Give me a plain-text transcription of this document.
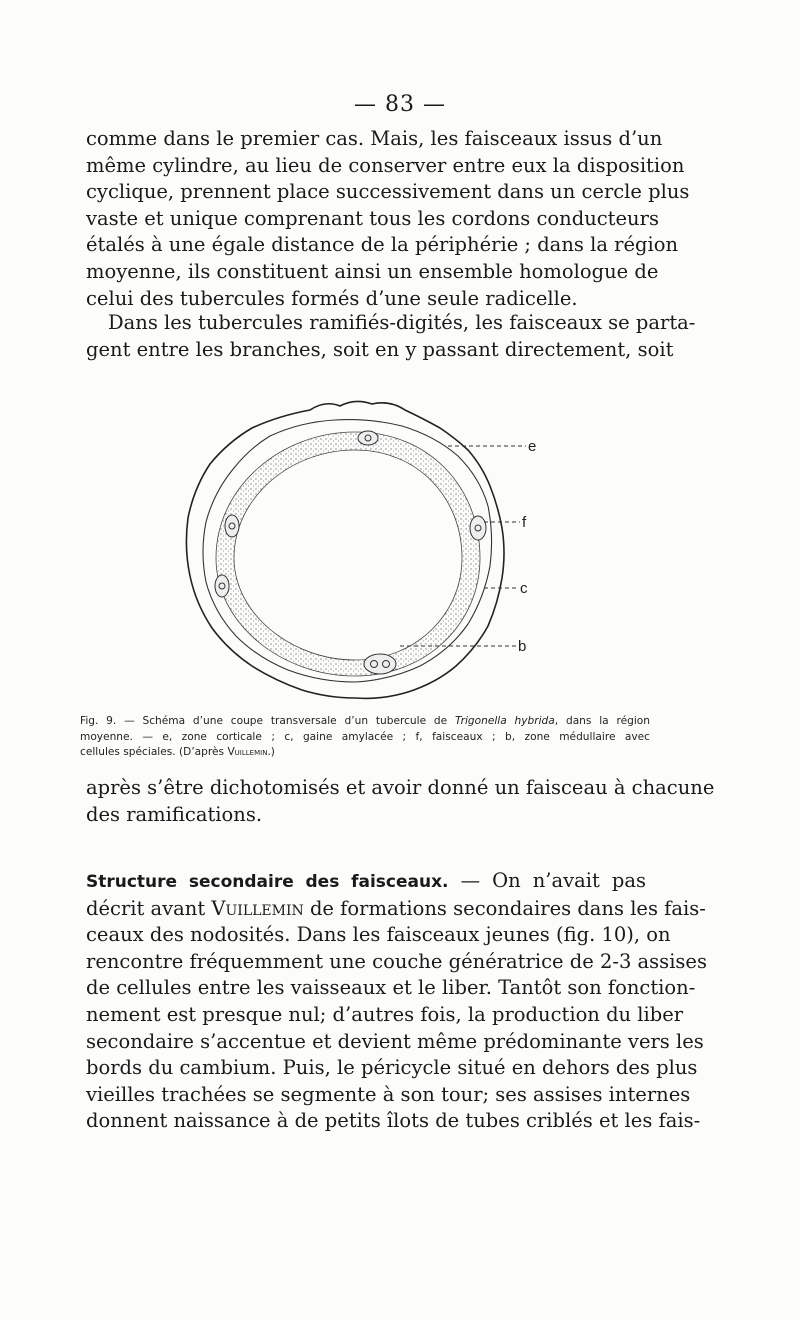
— 83 —

comme dans le premier cas. Mais, les faisceaux issus d’un
même cylindre, au lieu de conserver entre eux la disposition
cyclique, prennent place successivement dans un cercle plus
vaste et unique comprenant tous les cordons conducteurs
étalés à une égale distance de la périphérie ; dans la région
moyenne, ils constituent ainsi un ensemble homologue de
celui des tubercules formés d’une seule radicelle.

Dans les tubercules ramifiés-digités, les faisceaux se parta-
gent entre les branches, soit en y passant directement, soit

e
f
c
b
Fig. 9. — Schéma d’une coupe transversale d’un tubercule de Trigonella hybrida, dans la région
moyenne. — e, zone corticale ; c, gaine amylacée ; f, faisceaux ; b, zone médullaire avec
cellules spéciales. (D’après Vuillemin.)

après s’être dichotomisés et avoir donné un faisceau à chacune
des ramifications.

Structure secondaire des faisceaux. — On n’avait pas
décrit avant Vuillemin de formations secondaires dans les fais-
ceaux des nodosités. Dans les faisceaux jeunes (fig. 10), on
rencontre fréquemment une couche génératrice de 2-3 assises
de cellules entre les vaisseaux et le liber. Tantôt son fonction-
nement est presque nul; d’autres fois, la production du liber
secondaire s’accentue et devient même prédominante vers les
bords du cambium. Puis, le péricycle situé en dehors des plus
vieilles trachées se segmente à son tour; ses assises internes
donnent naissance à de petits îlots de tubes criblés et les fais-
